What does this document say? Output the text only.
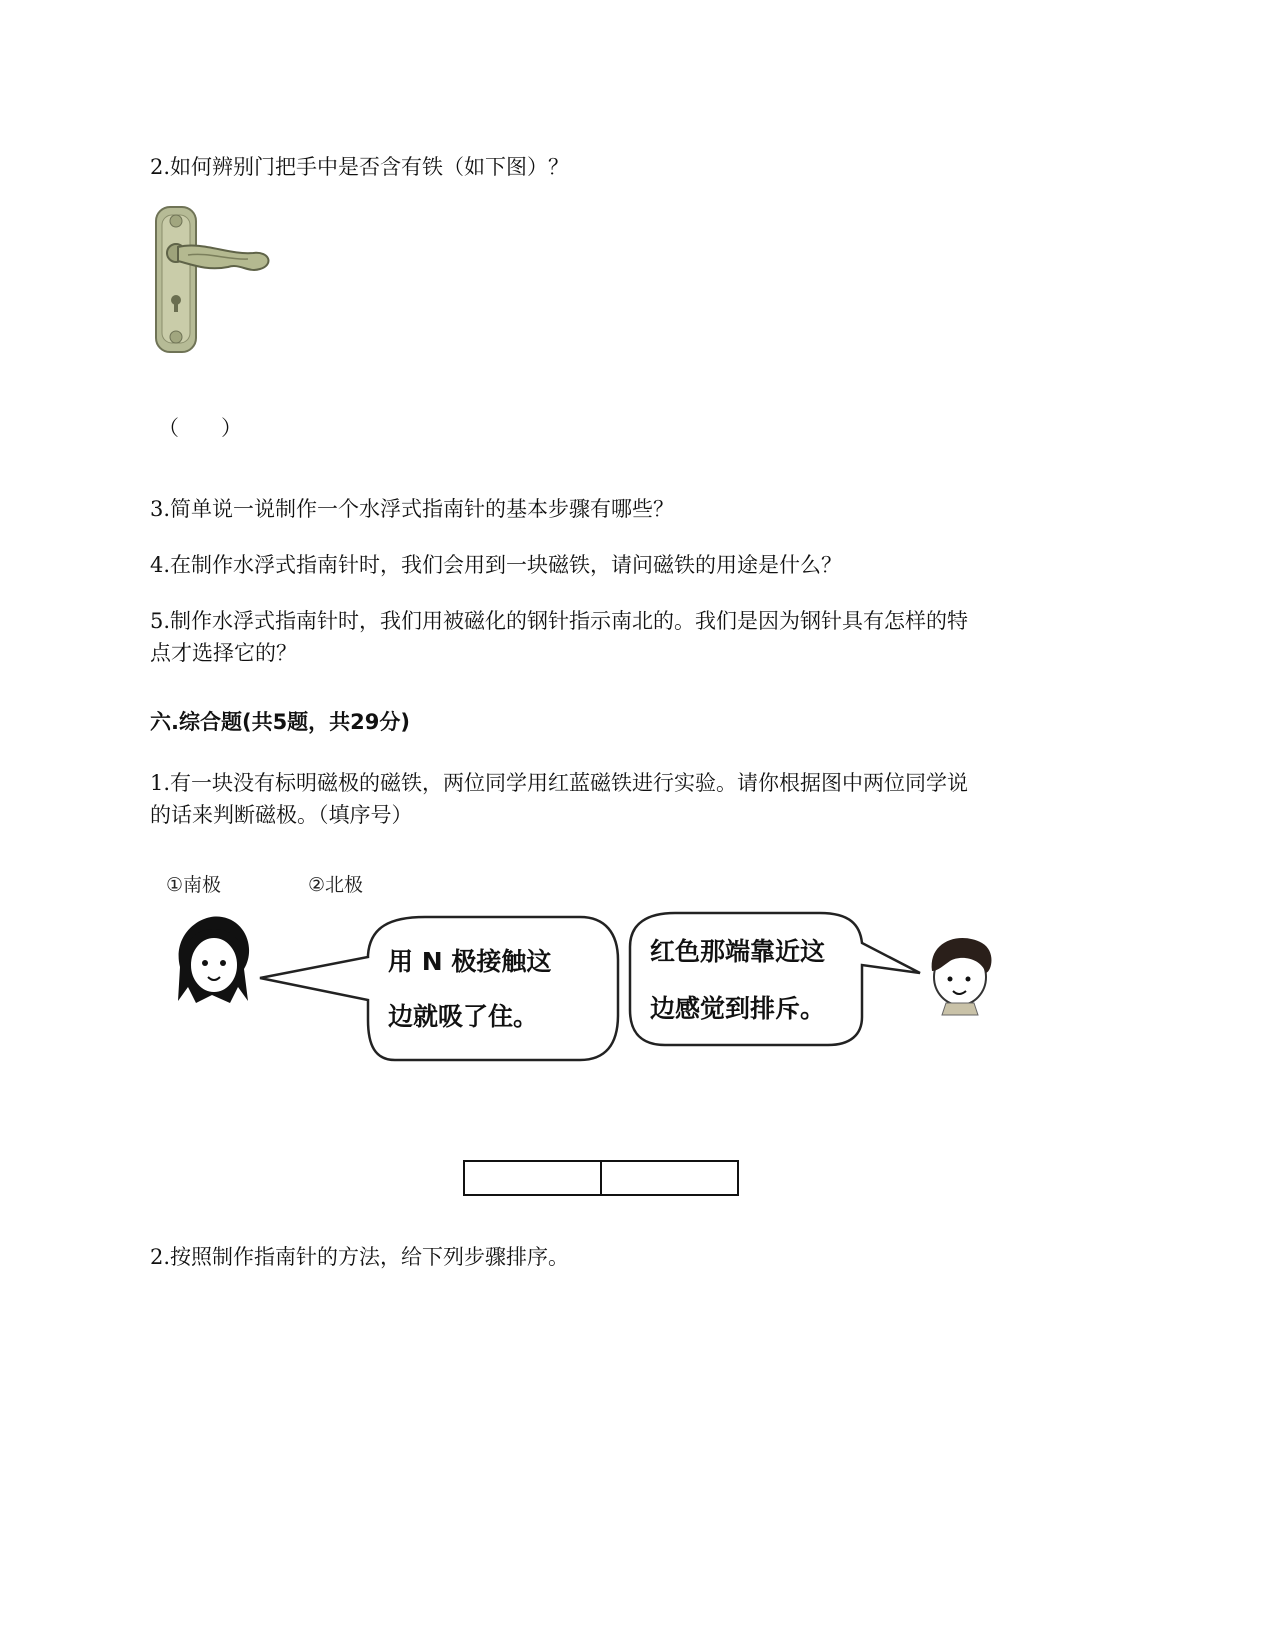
2.如何辨别门把手中是否含有铁（如下图）？

（　　）

3.简单说一说制作一个水浮式指南针的基本步骤有哪些？

4.在制作水浮式指南针时，我们会用到一块磁铁，请问磁铁的用途是什么？

5.制作水浮式指南针时，我们用被磁化的钢针指示南北的。我们是因为钢针具有怎样的特

点才选择它的？

六.综合题(共5题，共29分)

1.有一块没有标明磁极的磁铁，两位同学用红蓝磁铁进行实验。请你根据图中两位同学说

的话来判断磁极。（填序号）

①南极	②北极
用 N 极接触这
边就吸了住。
红色那端靠近这
边感觉到排斥。

2.按照制作指南针的方法，给下列步骤排序。
